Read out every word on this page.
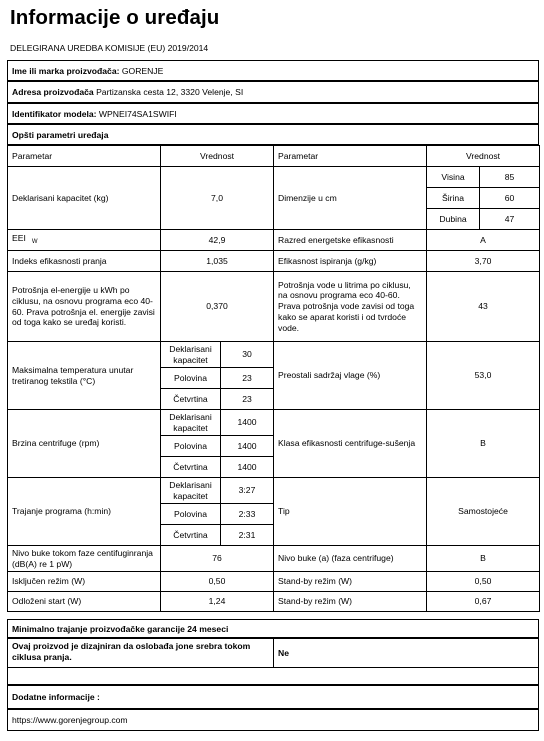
Informacije o uređaju
DELEGIRANA UREDBA KOMISIJE (EU) 2019/2014
Ime ili marka proizvođača:
GORENJE
Adresa proizvođača
Partizanska cesta 12, 3320 Velenje, SI
Identifikator modela:
WPNEI74SA1SWIFI
Opšti parametri uređaja
Parametar	Vrednost		Parametar	Vrednost	
Deklarisani kapacitet (kg)	7,0		Dimenzije u cm	Visina	85
				Širina	60
				Dubina	47
EEI $_W$	42,9		Razred energetske efikasnosti	A	
Indeks efikasnosti pranja	1,035		Efikasnost ispiranja (g/kg)	3,70	
Potrošnja el-energije u kWh po ciklusu, na osnovu programa eco 40-60. Prava potrošnja el. energije zavisi od toga kako se uređaj koristi.	0,370		Potrošnja vode u litrima po ciklusu, na osnovu programa eco 40-60. Prava potrošnja vode zavisi od toga kako se aparat koristi i od tvrdoće vode.	43	
Maksimalna temperatura unutar tretiranog tekstila (°C)	Deklarisani kapacitet	30	Preostali sadržaj vlage (%)	53,0	
	Polovina	23			
	Četvrtina	23			
Brzina centrifuge (rpm)	Deklarisani kapacitet	1400	Klasa efikasnosti centrifuge-sušenja	B	
	Polovina	1400			
	Četvrtina	1400			
Trajanje programa (h:min)	Deklarisani kapacitet	3:27	Tip	Samostojeće	
	Polovina	2:33			
	Četvrtina	2:31			
Nivo buke tokom faze centifuginranja (dB(A) re 1 pW)	76		Nivo buke (a) (faza centrifuge)	B	
Isključen režim (W)	0,50		Stand-by režim (W)	0,50	
Odloženi start (W)	1,24		Stand-by režim (W)	0,67	
Minimalno trajanje proizvođačke garancije
24 meseci
Ovaj proizvod je dizajniran da oslobađa jone srebra tokom ciklusa pranja.	Ne
Dodatne informacije :
https://www.gorenjegroup.com
